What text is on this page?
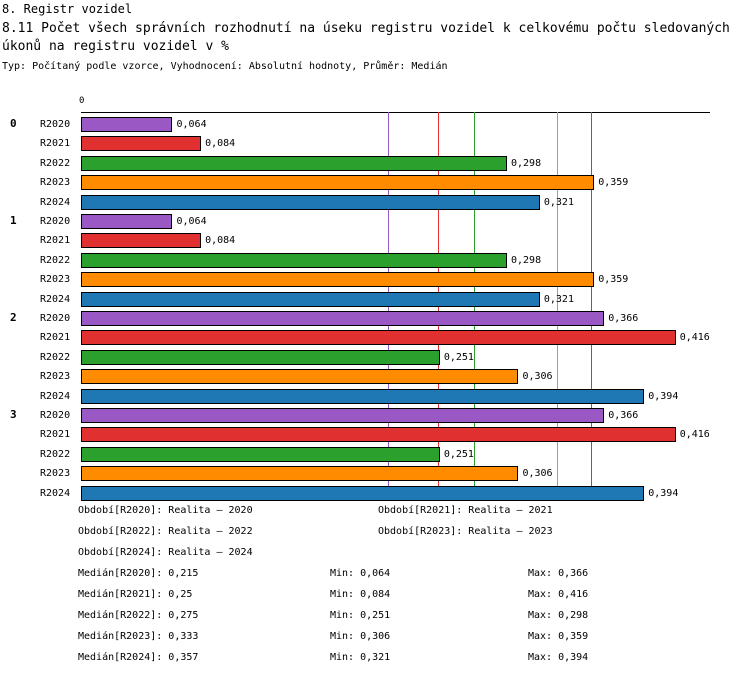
8. Registr vozidel
8.11 Počet všech správních rozhodnutí na úseku registru vozidel k celkovému počtu sledovaných úkonů na registru vozidel v %
Typ: Počítaný podle vzorce, Vyhodnocení: Absolutní hodnoty, Průměr: Medián
0
0 R2020	0,064
R2021	0,084
R2022	0,298
R2023	0,359
R2024	0,321
1 R2020	0,064
R2021	0,084
R2022	0,298
R2023	0,359
R2024	0,321
2 R2020	0,366
R2021	0,416
R2022	0,251
R2023	0,306
R2024	0,394
3 R2020	0,366
R2021	0,416
R2022	0,251
R2023	0,306
R2024	0,394
Období[R2020]: Realita – 2020	Období[R2021]: Realita – 2021
Období[R2022]: Realita – 2022	Období[R2023]: Realita – 2023
Období[R2024]: Realita – 2024
Medián[R2020]: 0,215	Min: 0,064	Max: 0,366
Medián[R2021]: 0,25	Min: 0,084	Max: 0,416
Medián[R2022]: 0,275	Min: 0,251	Max: 0,298
Medián[R2023]: 0,333	Min: 0,306	Max: 0,359
Medián[R2024]: 0,357	Min: 0,321	Max: 0,394
